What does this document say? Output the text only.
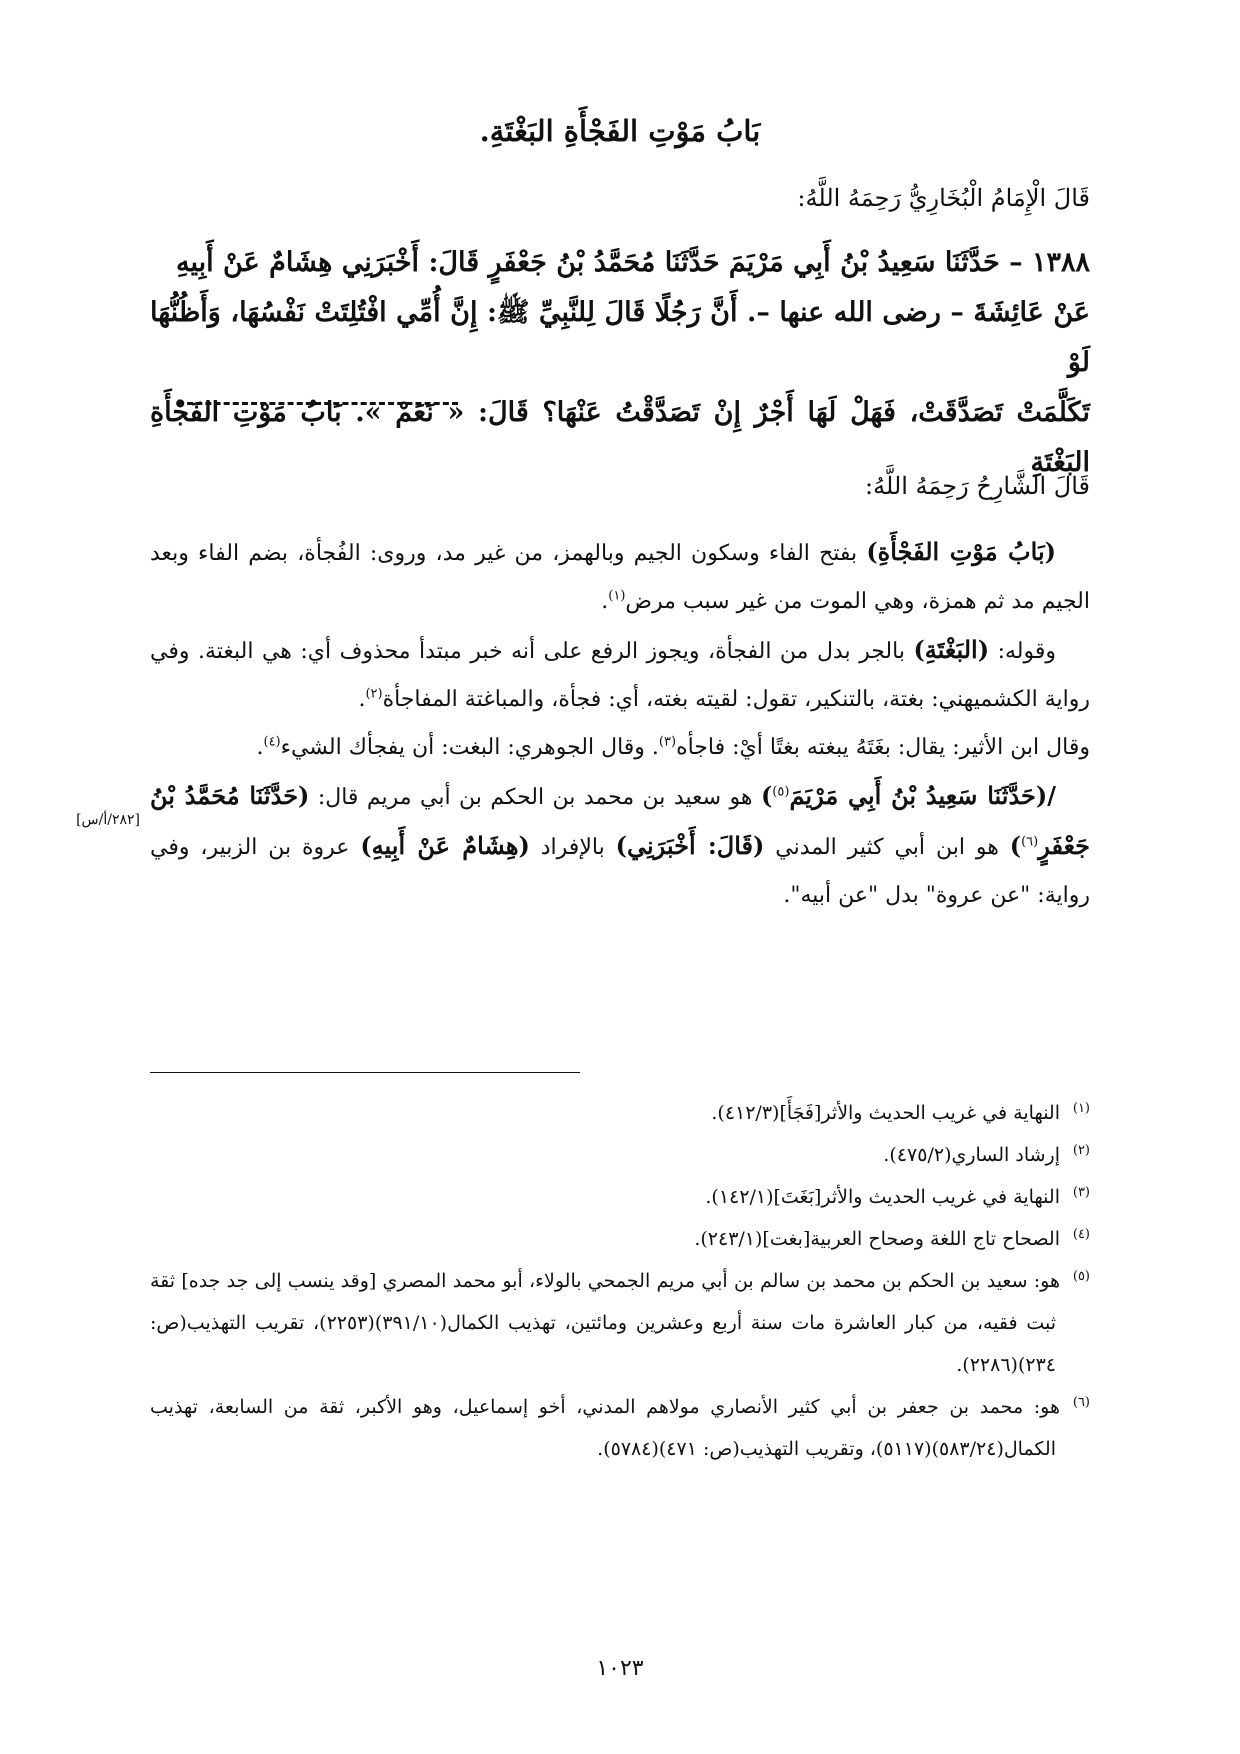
بَابُ مَوْتِ الفَجْأَةِ البَغْتَةِ.
قَالَ الْإِمَامُ الْبُخَارِيُّ رَحِمَهُ اللَّهُ:

١٣٨٨ – حَدَّثَنَا سَعِيدُ بْنُ أَبِي مَرْيَمَ حَدَّثَنَا مُحَمَّدُ بْنُ جَعْفَرٍ قَالَ: أَخْبَرَنِي هِشَامٌ عَنْ أَبِيهِ

عَنْ عَائِشَةَ – رضى الله عنها –. أَنَّ رَجُلًا قَالَ لِلنَّبِيِّ ﷺ: إِنَّ أُمِّي افْتُلِتَتْ نَفْسُهَا، وَأَظُنُّهَا لَوْ

تَكَلَّمَتْ تَصَدَّقَتْ، فَهَلْ لَهَا أَجْرٌ إِنْ تَصَدَّقْتُ عَنْهَا؟ قَالَ: « نَعَمْ ». بَابُ مَوْتِ الفَجْأَةِ البَغْتَةِ

قَالَ الشَّارِحُ رَحِمَهُ اللَّهُ:

(بَابُ مَوْتِ الفَجْأَةِ) بفتح الفاء وسكون الجيم وبالهمز، من غير مد، وروى: الفُجأة، بضم الفاء وبعد الجيم مد ثم همزة، وهي الموت من غير سبب مرض$^{(١)}$.

وقوله: (البَغْتَةِ) بالجر بدل من الفجأة، ويجوز الرفع على أنه خبر مبتدأ محذوف أي: هي البغتة. وفي رواية الكشميهني: بغتة، بالتنكير، تقول: لقيته بغته، أي: فجأة، والمباغتة المفاجأة$^{(٢)}$.

وقال ابن الأثير: يقال: بغَتَهُ يبغته بغتًا أيْ: فاجأه$^{(٣)}$. وقال الجوهري: البغت: أن يفجأك الشيء$^{(٤)}$.

/(حَدَّثَنَا سَعِيدُ بْنُ أَبِي مَرْيَمَ$^{(٥)}$) هو سعيد بن محمد بن الحكم بن أبي مريم قال: (حَدَّثَنَا مُحَمَّدُ بْنُ جَعْفَرٍ$^{(٦)}$) هو ابن أبي كثير المدني (قَالَ: أَخْبَرَنِي) بالإفراد (هِشَامٌ عَنْ أَبِيهِ) عروة بن الزبير، وفي رواية: "عن عروة" بدل "عن أبيه".

[٢٨٢/أ/س]

$^{(١)}$النهاية في غريب الحديث والأثر[فَجَأَ](٤١٢/٣).

$^{(٢)}$إرشاد الساري(٤٧٥/٢).

$^{(٣)}$النهاية في غريب الحديث والأثر[بَغَتَ](١٤٢/١).

$^{(٤)}$الصحاح تاج اللغة وصحاح العربية[بغت](٢٤٣/١).

$^{(٥)}$هو: سعيد بن الحكم بن محمد بن سالم بن أبي مريم الجمحي بالولاء، أبو محمد المصري [وقد ينسب إلى جد جده] ثقة ثبت فقيه، من كبار العاشرة مات سنة أربع وعشرين ومائتين، تهذيب الكمال(٣٩١/١٠)(٢٢٥٣)، تقريب التهذيب(ص: ٢٣٤)(٢٢٨٦).

$^{(٦)}$هو: محمد بن جعفر بن أبي كثير الأنصاري مولاهم المدني، أخو إسماعيل، وهو الأكبر، ثقة من السابعة، تهذيب الكمال(٥٨٣/٢٤)(٥١١٧)، وتقريب التهذيب(ص: ٤٧١)(٥٧٨٤).

١٠٢٣
